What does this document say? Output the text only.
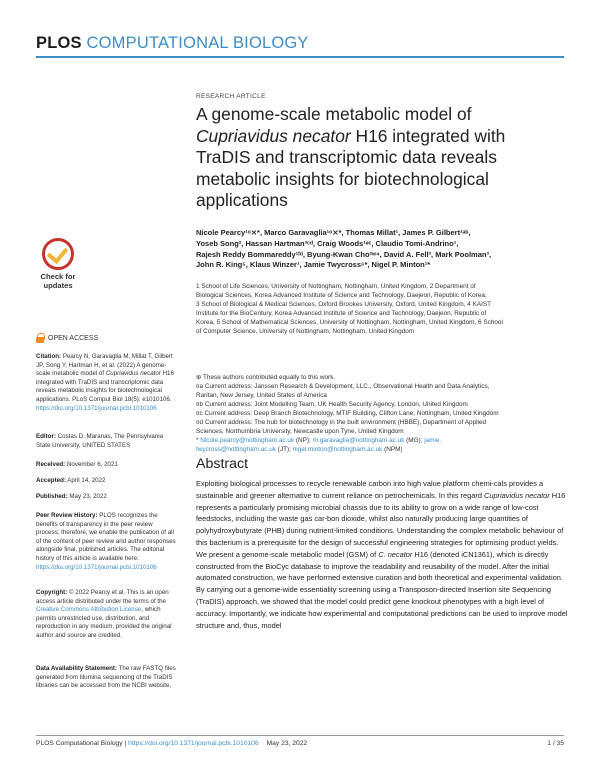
PLOS COMPUTATIONAL BIOLOGY
Check for
updates
OPEN ACCESS
Citation: Pearcy N, Garavaglia M, Millat T, Gilbert JP, Song Y, Hartman H, et al. (2022) A genome-scale metabolic model of Cupriavidus necator H16 integrated with TraDIS and transcriptomic data reveals metabolic insights for biotechnological applications. PLoS Comput Biol 18(5): e1010106. https://doi.org/10.1371/journal.pcbi.1010106
Editor: Costas D. Maranas, The Pennsylvania State University, UNITED STATES
Received: November 6, 2021
Accepted: April 14, 2022
Published: May 23, 2022
Peer Review History: PLOS recognizes the benefits of transparency in the peer review process; therefore, we enable the publication of all of the content of peer review and author responses alongside final, published articles. The editorial history of this article is available here: https://doi.org/10.1371/journal.pcbi.1010106
Copyright: © 2022 Pearcy et al. This is an open access article distributed under the terms of the Creative Commons Attribution License, which permits unrestricted use, distribution, and reproduction in any medium, provided the original author and source are credited.
Data Availability Statement: The raw FASTQ files generated from Illumina sequencing of the TraDIS libraries can be accessed from the NCBI website,
RESEARCH ARTICLE
A genome-scale metabolic model of
Cupriavidus necator H16 integrated with
TraDIS and transcriptomic data reveals
metabolic insights for biotechnological
applications
Nicole Pearcy¹ᵒ⨯*, Marco Garavaglia¹ᵒ⨯*, Thomas Millat¹, James P. Gilbert¹ᵃᵇ,
Yoseb Song², Hassan Hartman³ᶜᵈ, Craig Woods¹ᵉᶜ, Claudio Tomi-Andrino¹,
Rajesh Reddy Bommareddy¹ᶠᵈ, Byung-Kwan Cho²ʷ⁴, David A. Fell³, Mark Poolman³,
John R. King⁵, Klaus Winzer¹, Jamie Twycross⁶*, Nigel P. Minton¹*
1 School of Life Sciences, University of Nottingham, Nottingham, United Kingdom, 2 Department of
Biological Sciences, Korea Advanced Institute of Science and Technology, Daejeon, Republic of Korea,
3 School of Biological & Medical Sciences, Oxford Brookes University, Oxford, United Kingdom, 4 KAIST
Institute for the BioCentury, Korea Advanced Institute of Science and Technology, Daejeon, Republic of
Korea, 5 School of Mathematical Sciences, University of Nottingham, Nottingham, United Kingdom, 6 School
of Computer Science, University of Nottingham, Nottingham, United Kingdom
⊕ These authors contributed equally to this work.
¤a Current address: Janssen Research & Development, LLC., Observational Health and Data Analytics,
Raritan, New Jersey, United States of America
¤b Current address: Joint Modelling Team, UK Health Security Agency, London, United Kingdom
¤c Current address: Deep Branch Biotechnology, MTIF Building, Clifton Lane, Nottingham, United Kingdom
¤d Current address: The hub for biotechnology in the built environment (HBBE), Department of Applied
Sciences, Northumbria University, Newcastle upon Tyne, United Kingdom
* Nicole.pearcy@nottingham.ac.uk (NP); m.garavaglia@nottingham.ac.uk (MG); jamie.
twycross@nottingham.ac.uk (JT); nigel.minton@nottingham.ac.uk (NPM)
Abstract
Exploiting biological processes to recycle renewable carbon into high value platform chemi-cals provides a sustainable and greener alternative to current reliance on petrochemicals. In this regard Cupriavidus necator H16 represents a particularly promising microbial chassis due to its ability to grow on a wide range of low-cost feedstocks, including the waste gas car-bon dioxide, whilst also naturally producing large quantities of polyhydroxybutyrate (PHB) during nutrient-limited conditions. Understanding the complex metabolic behaviour of this bacterium is a prerequisite for the design of successful engineering strategies for optimising product yields. We present a genome-scale metabolic model (GSM) of C. necator H16 (denoted iCN1361), which is directly constructed from the BioCyc database to improve the readability and reusability of the model. After the initial automated construction, we have performed extensive curation and both theoretical and experimental validation. By carrying out a genome-wide essentiality screening using a Transposon-directed Insertion site Sequencing (TraDIS) approach, we showed that the model could predict gene knockout phenotypes with a high level of accuracy. Importantly, we indicate how experimental and computational predictions can be used to improve model structure and, thus, model
PLOS Computational Biology | https://doi.org/10.1371/journal.pcbi.1010106 May 23, 2022	1 / 35
